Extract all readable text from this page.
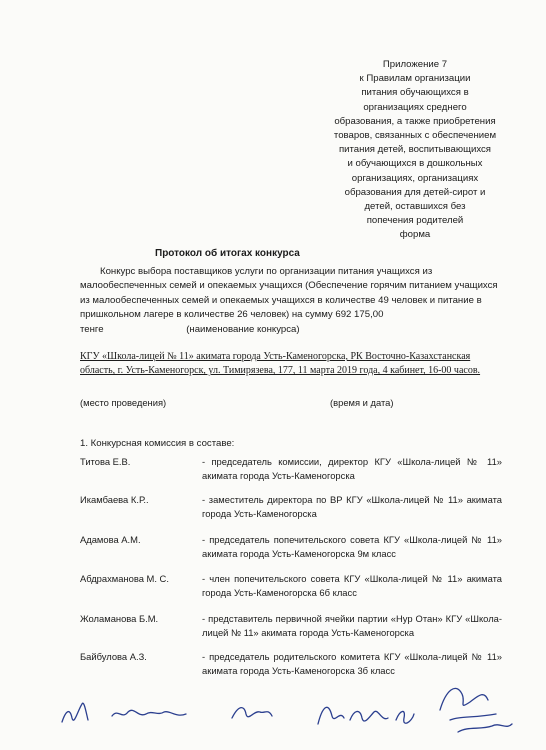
Приложение 7
к Правилам организации
питания обучающихся в
организациях среднего
образования, а также приобретения
товаров, связанных с обеспечением
питания детей, воспитывающихся
и обучающихся в дошкольных
организациях, организациях
образования для детей-сирот и
детей, оставшихся без
попечения родителей
форма
Протокол об итогах конкурса

Конкурс выбора поставщиков услуги по организации питания учащихся из малообеспеченных семей и опекаемых учащихся (Обеспечение горячим питанием учащихся из малообеспеченных семей и опекаемых учащихся в количестве 49 человек и питание в пришкольном лагере в количестве 26 человек) на сумму 692 175,00

тенге	(наименование конкурса)
КГУ «Школа-лицей № 11» акимата города Усть-Каменогорска, РК Восточно-Казахстанская область, г. Усть-Каменогорск, ул. Тимирязева, 177, 11 марта 2019 года, 4 кабинет, 16-00 часов.
(место проведения)	(время и дата)
1. Конкурсная комиссия в составе:
Титова Е.В.	- председатель комиссии, директор КГУ «Школа-лицей № 11» акимата города Усть-Каменогорска
Икамбаева К.Р..	- заместитель директора по ВР КГУ «Школа-лицей № 11» акимата города Усть-Каменогорска
Адамова А.М.	- председатель попечительского совета КГУ «Школа-лицей № 11» акимата города Усть-Каменогорска 9м класс
Абдрахманова М. С.	- член попечительского совета КГУ «Школа-лицей № 11» акимата города Усть-Каменогорска 6б класс
Жоламанова Б.М.	- представитель первичной ячейки партии «Нур Отан» КГУ «Школа-лицей № 11» акимата города Усть-Каменогорска
Байбулова А.З.	- председатель родительского комитета КГУ «Школа-лицей № 11» акимата города Усть-Каменогорска 3б класс
